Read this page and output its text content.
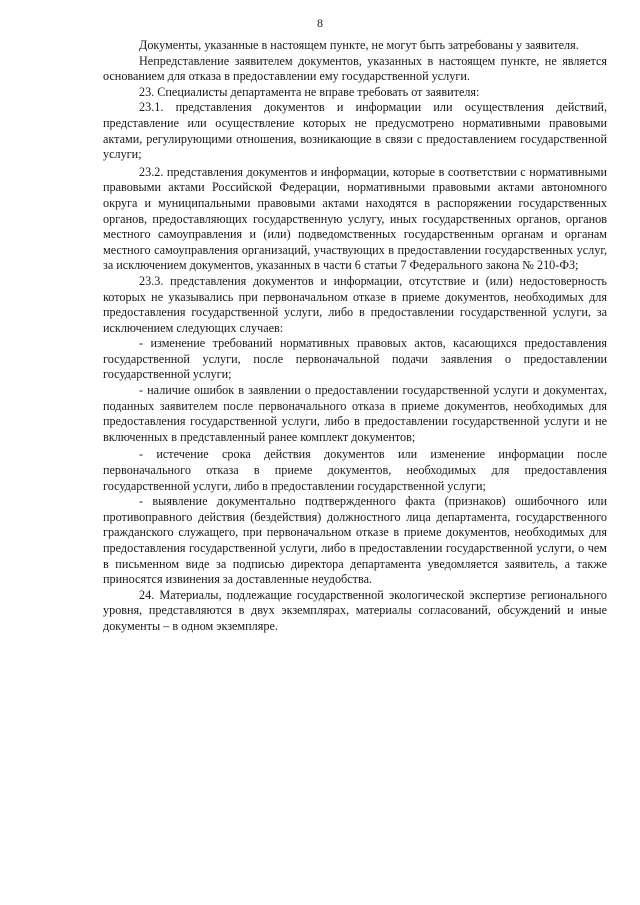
8

Документы, указанные в настоящем пункте, не могут быть затребованы у заявителя.

Непредставление заявителем документов, указанных в настоящем пункте, не является основанием для отказа в предоставлении ему государственной услуги.

23. Специалисты департамента не вправе требовать от заявителя:

23.1. представления документов и информации или осуществления действий, представление или осуществление которых не предусмотрено нормативными правовыми актами, регулирующими отношения, возникающие в связи с предоставлением государственной услуги;

23.2. представления документов и информации, которые в соответствии с нормативными правовыми актами Российской Федерации, нормативными правовыми актами автономного округа и муниципальными правовыми актами находятся в распоряжении государственных органов, предоставляющих государственную услугу, иных государственных органов, органов местного самоуправления и (или) подведомственных государственным органам и органам местного самоуправления организаций, участвующих в предоставлении государственных услуг, за исключением документов, указанных в части 6 статьи 7 Федерального закона № 210-ФЗ;

23.3. представления документов и информации, отсутствие и (или) недостоверность которых не указывались при первоначальном отказе в приеме документов, необходимых для предоставления государственной услуги, либо в предоставлении государственной услуги, за исключением следующих случаев:

- изменение требований нормативных правовых актов, касающихся предоставления государственной услуги, после первоначальной подачи заявления о предоставлении государственной услуги;

- наличие ошибок в заявлении о предоставлении государственной услуги и документах, поданных заявителем после первоначального отказа в приеме документов, необходимых для предоставления государственной услуги, либо в предоставлении государственной услуги и не включенных в представленный ранее комплект документов;

- истечение срока действия документов или изменение информации после первоначального отказа в приеме документов, необходимых для предоставления государственной услуги, либо в предоставлении государственной услуги;

- выявление документально подтвержденного факта (признаков) ошибочного или противоправного действия (бездействия) должностного лица департамента, государственного гражданского служащего, при первоначальном отказе в приеме документов, необходимых для предоставления государственной услуги, либо в предоставлении государственной услуги, о чем в письменном виде за подписью директора департамента уведомляется заявитель, а также приносятся извинения за доставленные неудобства.

24. Материалы, подлежащие государственной экологической экспертизе регионального уровня, представляются в двух экземплярах, материалы согласований, обсуждений и иные документы – в одном экземпляре.
